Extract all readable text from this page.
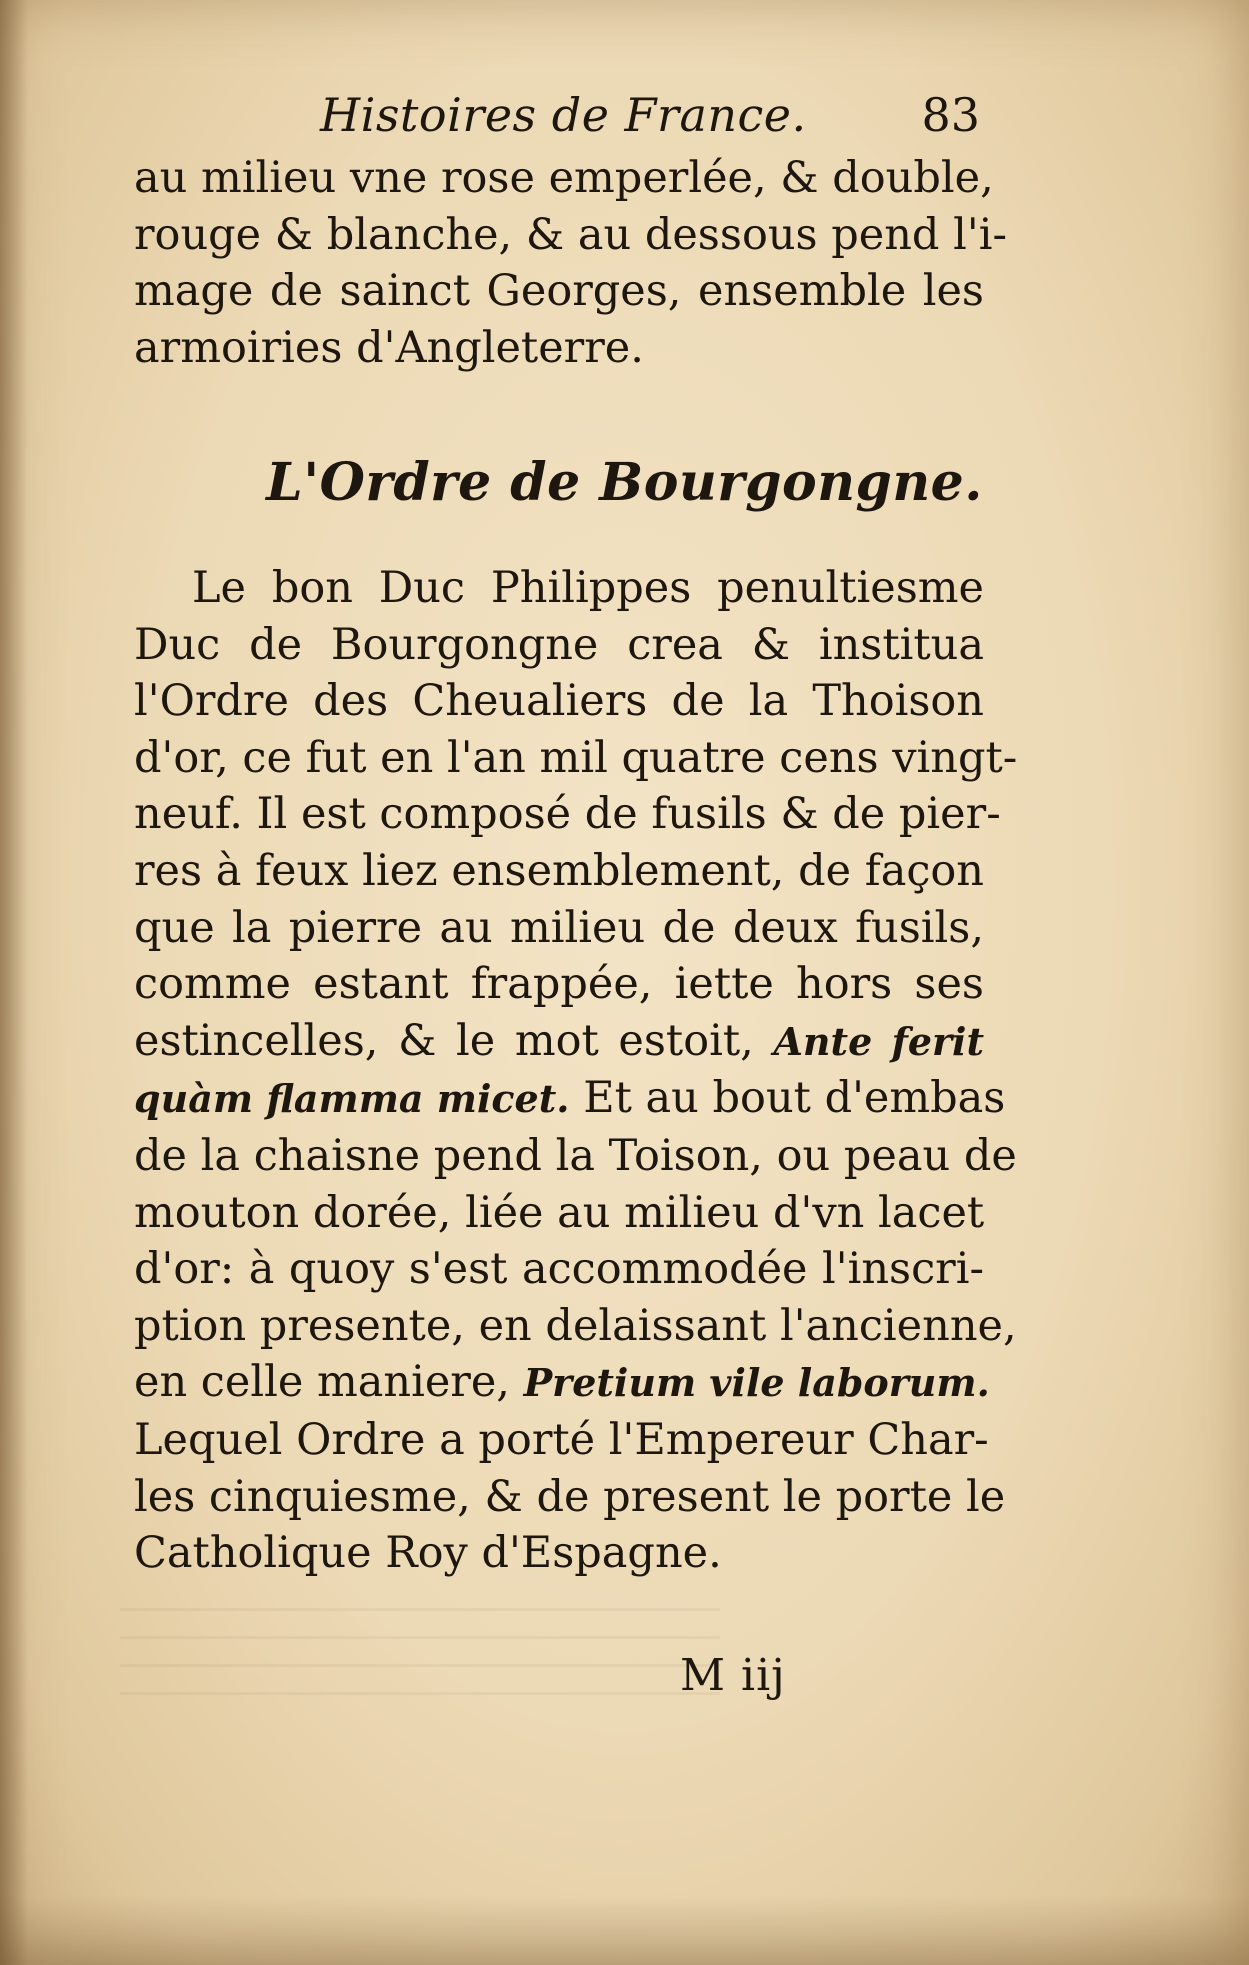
Histoires de France. 83
au milieu vne rose emperlée, & double,
rouge & blanche, & au dessous pend l'i-
mage de sainct Georges, ensemble les
armoiries d'Angleterre.
L'Ordre de Bourgongne.
Le bon Duc Philippes penultiesme
Duc de Bourgongne crea & institua
l'Ordre des Cheualiers de la Thoison
d'or, ce fut en l'an mil quatre cens vingt-
neuf. Il est composé de fusils & de pier-
res à feux liez ensemblement, de façon
que la pierre au milieu de deux fusils,
comme estant frappée, iette hors ses
estincelles, & le mot estoit, Ante ferit
quàm flamma micet. Et au bout d'embas
de la chaisne pend la Toison, ou peau de
mouton dorée, liée au milieu d'vn lacet
d'or: à quoy s'est accommodée l'inscri-
ption presente, en delaissant l'ancienne,
en celle maniere, Pretium vile laborum.
Lequel Ordre a porté l'Empereur Char-
les cinquiesme, & de present le porte le
Catholique Roy d'Espagne.
M iij
